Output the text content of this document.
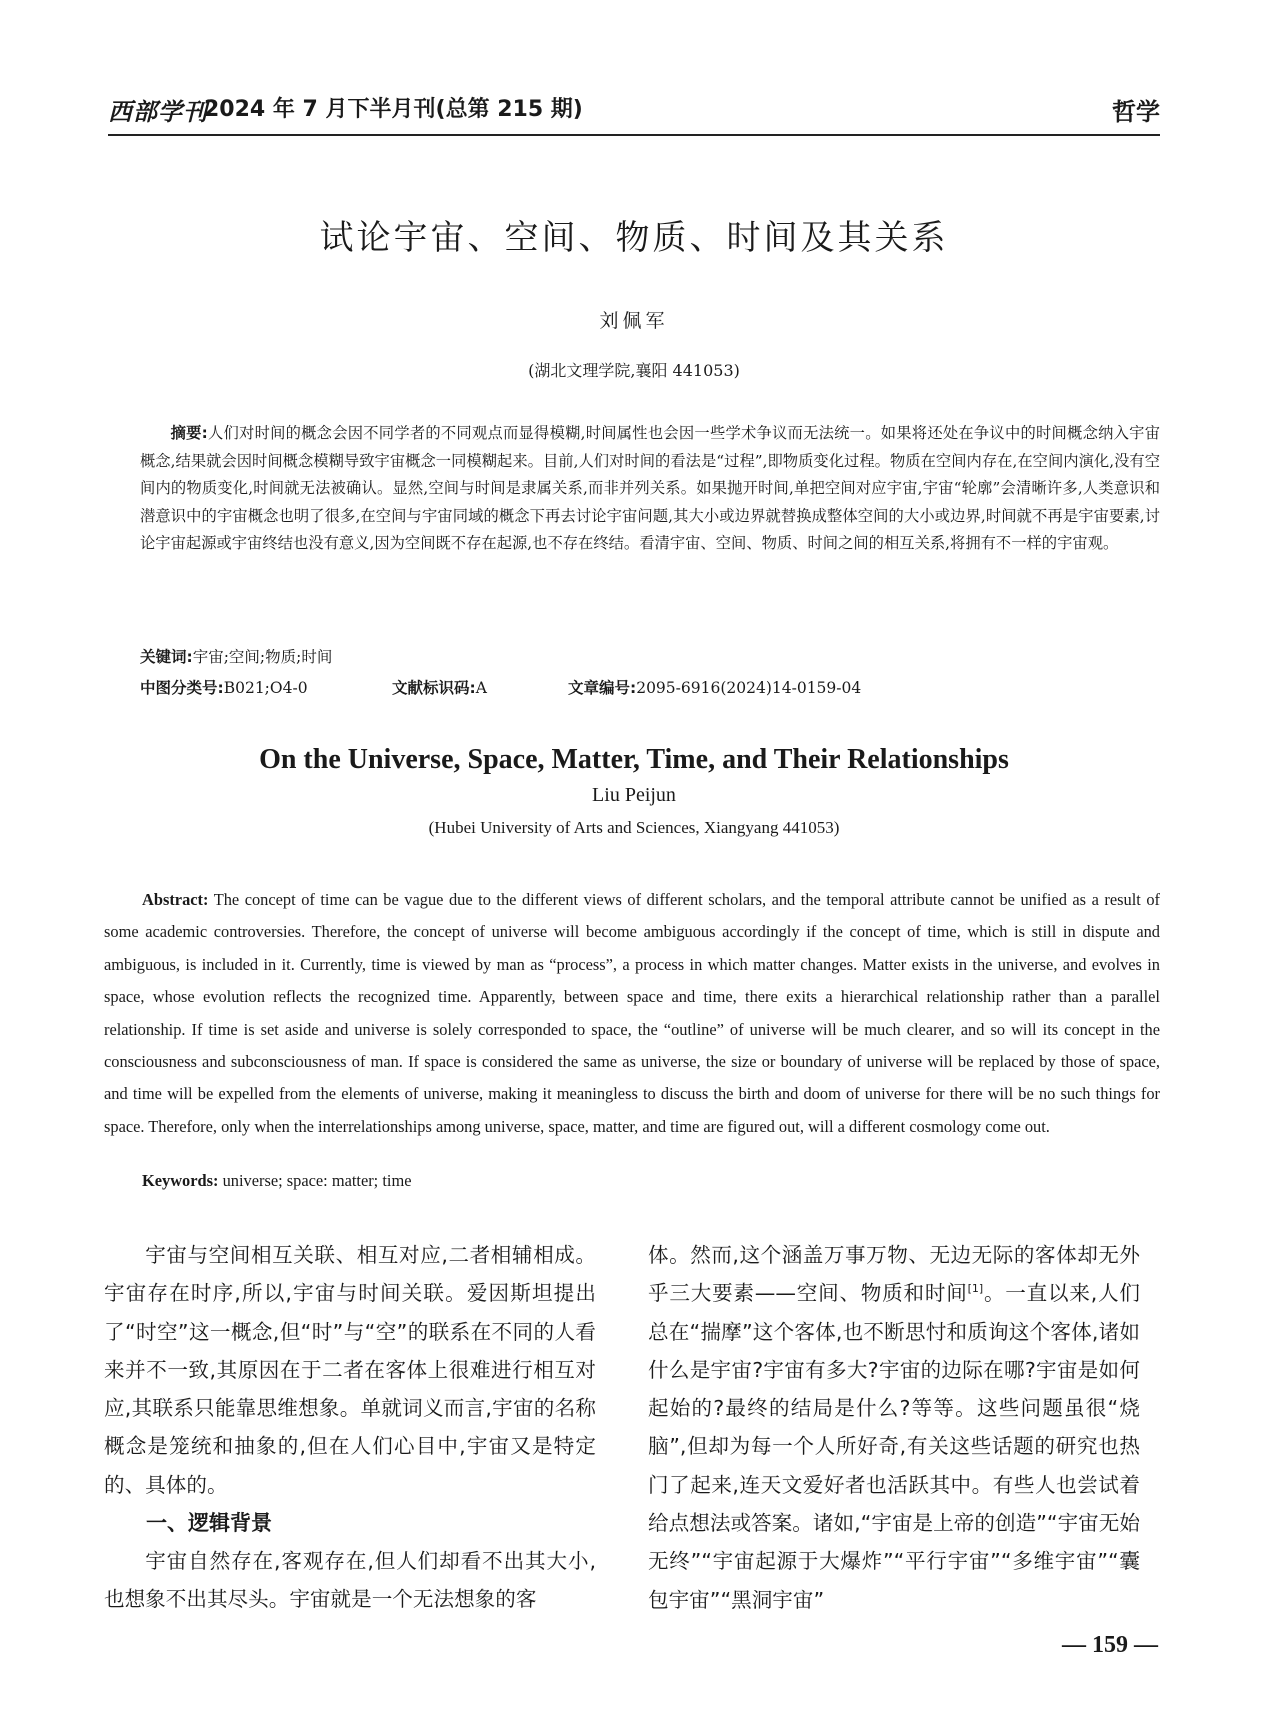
西部学刊
2024 年 7 月下半月刊(总第 215 期)	哲学
试论宇宙、空间、物质、时间及其关系
刘佩军
(湖北文理学院,襄阳 441053)
摘要:人们对时间的概念会因不同学者的不同观点而显得模糊,时间属性也会因一些学术争议而无法统一。如果将还处在争议中的时间概念纳入宇宙概念,结果就会因时间概念模糊导致宇宙概念一同模糊起来。目前,人们对时间的看法是“过程”,即物质变化过程。物质在空间内存在,在空间内演化,没有空间内的物质变化,时间就无法被确认。显然,空间与时间是隶属关系,而非并列关系。如果抛开时间,单把空间对应宇宙,宇宙“轮廓”会清晰许多,人类意识和潜意识中的宇宙概念也明了很多,在空间与宇宙同域的概念下再去讨论宇宙问题,其大小或边界就替换成整体空间的大小或边界,时间就不再是宇宙要素,讨论宇宙起源或宇宙终结也没有意义,因为空间既不存在起源,也不存在终结。看清宇宙、空间、物质、时间之间的相互关系,将拥有不一样的宇宙观。
关键词:宇宙;空间;物质;时间
中图分类号:B021;O4-0	文献标识码:A	文章编号:2095-6916(2024)14-0159-04
On the Universe, Space, Matter, Time, and Their Relationships
Liu Peijun
(Hubei University of Arts and Sciences, Xiangyang 441053)
Abstract: The concept of time can be vague due to the different views of different scholars, and the temporal attribute cannot be unified as a result of some academic controversies. Therefore, the concept of universe will become ambiguous accordingly if the concept of time, which is still in dispute and ambiguous, is included in it. Currently, time is viewed by man as “process”, a process in which matter changes. Matter exists in the universe, and evolves in space, whose evolution reflects the recognized time. Apparently, between space and time, there exits a hierarchical relationship rather than a parallel relationship. If time is set aside and universe is solely corresponded to space, the “outline” of universe will be much clearer, and so will its concept in the consciousness and subconsciousness of man. If space is considered the same as universe, the size or boundary of universe will be replaced by those of space, and time will be expelled from the elements of universe, making it meaningless to discuss the birth and doom of universe for there will be no such things for space. Therefore, only when the interrelationships among universe, space, matter, and time are figured out, will a different cosmology come out.
Keywords: universe; space: matter; time

宇宙与空间相互关联、相互对应,二者相辅相成。宇宙存在时序,所以,宇宙与时间关联。爱因斯坦提出了“时空”这一概念,但“时”与“空”的联系在不同的人看来并不一致,其原因在于二者在客体上很难进行相互对应,其联系只能靠思维想象。单就词义而言,宇宙的名称概念是笼统和抽象的,但在人们心目中,宇宙又是特定的、具体的。

一、逻辑背景

宇宙自然存在,客观存在,但人们却看不出其大小,也想象不出其尽头。宇宙就是一个无法想象的客

体。然而,这个涵盖万事万物、无边无际的客体却无外乎三大要素——空间、物质和时间[1]。一直以来,人们总在“揣摩”这个客体,也不断思忖和质询这个客体,诸如什么是宇宙?宇宙有多大?宇宙的边际在哪?宇宙是如何起始的?最终的结局是什么?等等。这些问题虽很“烧脑”,但却为每一个人所好奇,有关这些话题的研究也热门了起来,连天文爱好者也活跃其中。有些人也尝试着给点想法或答案。诸如,“宇宙是上帝的创造”“宇宙无始无终”“宇宙起源于大爆炸”“平行宇宙”“多维宇宙”“囊包宇宙”“黑洞宇宙”

— 159 —
